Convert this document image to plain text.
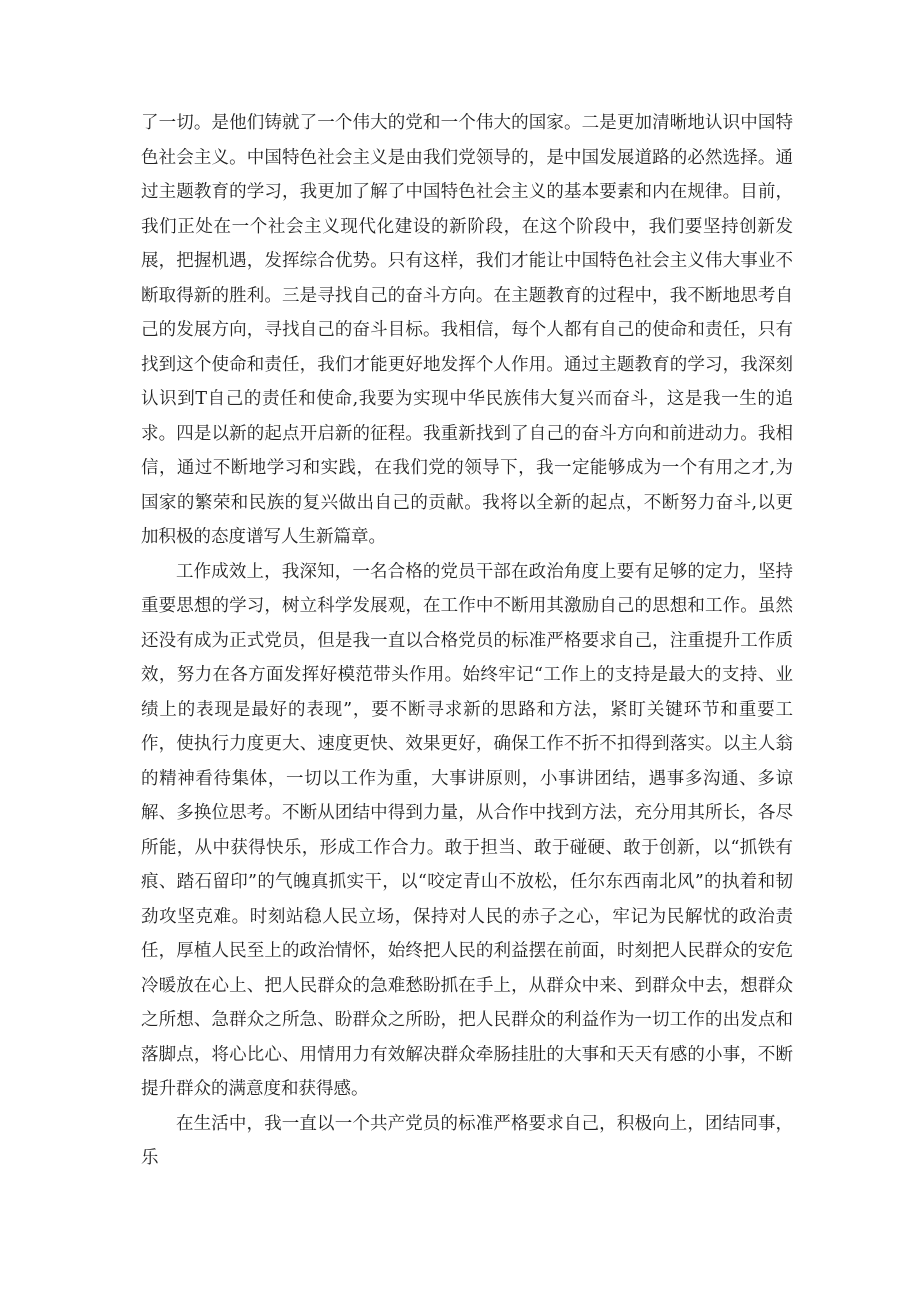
了一切。是他们铸就了一个伟大的党和一个伟大的国家。二是更加清晰地认识中国特色社会主义。中国特色社会主义是由我们党领导的，是中国发展道路的必然选择。通过主题教育的学习，我更加了解了中国特色社会主义的基本要素和内在规律。目前，我们正处在一个社会主义现代化建设的新阶段，在这个阶段中，我们要坚持创新发展，把握机遇，发挥综合优势。只有这样，我们才能让中国特色社会主义伟大事业不断取得新的胜利。三是寻找自己的奋斗方向。在主题教育的过程中，我不断地思考自己的发展方向，寻找自己的奋斗目标。我相信，每个人都有自己的使命和责任，只有找到这个使命和责任，我们才能更好地发挥个人作用。通过主题教育的学习，我深刻认识到T自己的责任和使命,我要为实现中华民族伟大复兴而奋斗，这是我一生的追求。四是以新的起点开启新的征程。我重新找到了自己的奋斗方向和前进动力。我相信，通过不断地学习和实践，在我们党的领导下，我一定能够成为一个有用之才,为国家的繁荣和民族的复兴做出自己的贡献。我将以全新的起点，不断努力奋斗,以更加积极的态度谱写人生新篇章。

工作成效上，我深知，一名合格的党员干部在政治角度上要有足够的定力，坚持重要思想的学习，树立科学发展观，在工作中不断用其激励自己的思想和工作。虽然还没有成为正式党员，但是我一直以合格党员的标准严格要求自己，注重提升工作质效，努力在各方面发挥好模范带头作用。始终牢记“工作上的支持是最大的支持、业绩上的表现是最好的表现”，要不断寻求新的思路和方法，紧盯关键环节和重要工作，使执行力度更大、速度更快、效果更好，确保工作不折不扣得到落实。以主人翁的精神看待集体，一切以工作为重，大事讲原则，小事讲团结，遇事多沟通、多谅解、多换位思考。不断从团结中得到力量，从合作中找到方法，充分用其所长，各尽所能，从中获得快乐，形成工作合力。敢于担当、敢于碰硬、敢于创新，以“抓铁有痕、踏石留印”的气魄真抓实干，以“咬定青山不放松，任尔东西南北风”的执着和韧劲攻坚克难。时刻站稳人民立场，保持对人民的赤子之心，牢记为民解忧的政治责任，厚植人民至上的政治情怀，始终把人民的利益摆在前面，时刻把人民群众的安危冷暖放在心上、把人民群众的急难愁盼抓在手上，从群众中来、到群众中去，想群众之所想、急群众之所急、盼群众之所盼，把人民群众的利益作为一切工作的出发点和落脚点，将心比心、用情用力有效解决群众牵肠挂肚的大事和天天有感的小事，不断提升群众的满意度和获得感。

在生活中，我一直以一个共产党员的标准严格要求自己，积极向上，团结同事，乐
